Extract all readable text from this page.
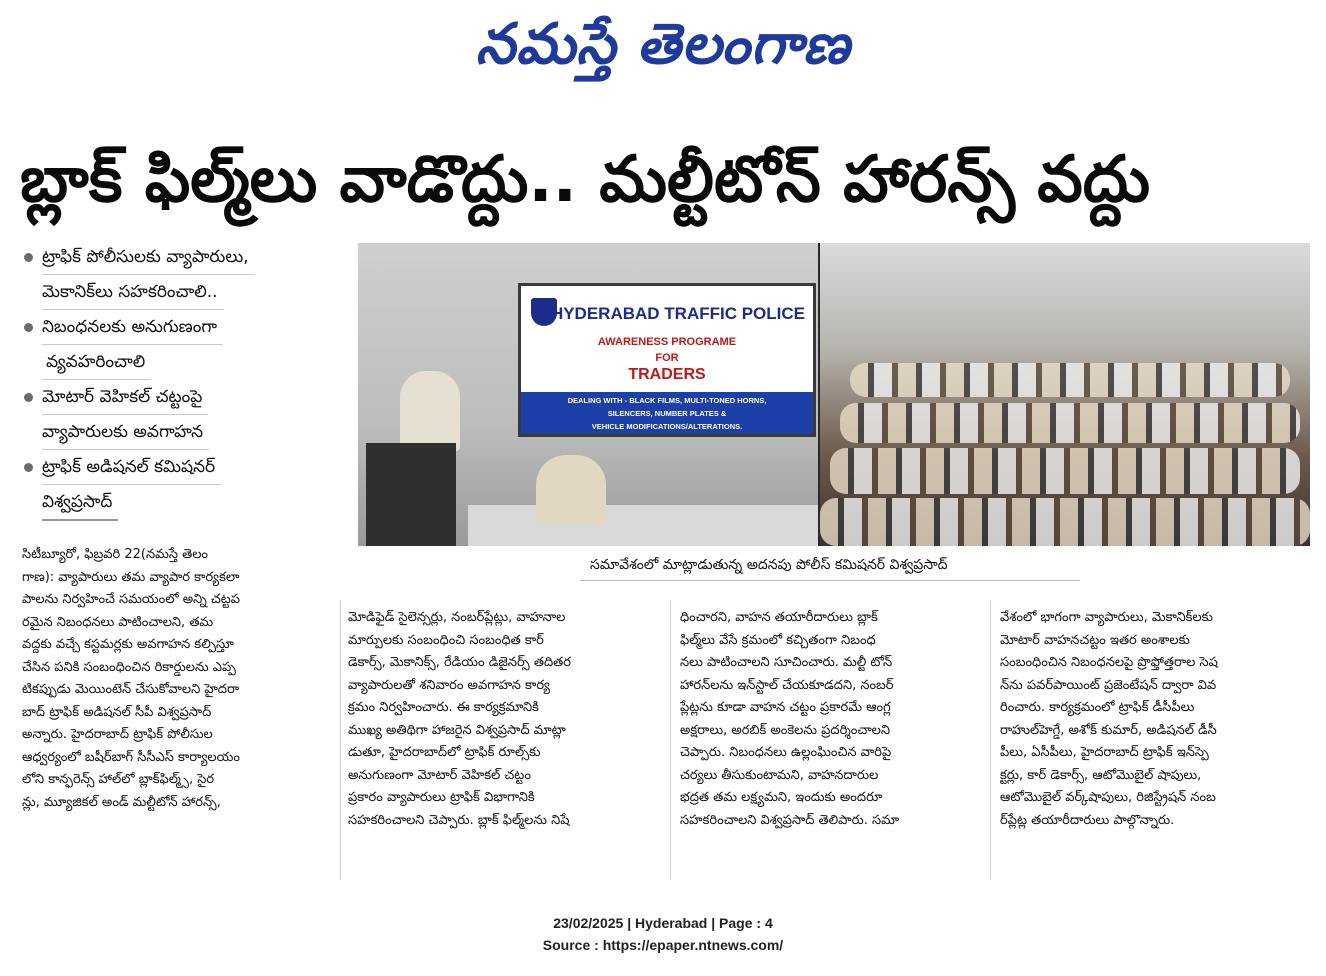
నమస్తే తెలంగాణ
బ్లాక్ ఫిల్మ్‌లు వాడొద్దు.. మల్టీటోన్ హారన్స్ వద్దు
ట్రాఫిక్ పోలీసులకు వ్యాపారులు,
మెకానిక్‌లు సహకరించాలి..
నిబంధనలకు అనుగుణంగా
వ్యవహరించాలి
మోటార్ వెహికల్ చట్టంపై
వ్యాపారులకు అవగాహన
ట్రాఫిక్ అడిషనల్ కమిషనర్
విశ్వప్రసాద్
HYDERABAD TRAFFIC POLICE
AWARENESS PROGRAME
FOR
TRADERS
DEALING WITH - BLACK FILMS, MULTI-TONED HORNS,
SILENCERS, NUMBER PLATES &
VEHICLE MODIFICATIONS/ALTERATIONS.
సమావేశంలో మాట్లాడుతున్న అదనపు పోలీస్ కమిషనర్ విశ్వప్రసాద్
సిటీబ్యూరో, ఫిబ్రవరి 22(నమస్తే తెలం
గాణ): వ్యాపారులు తమ వ్యాపార కార్యకలా
పాలను నిర్వహించే సమయంలో అన్ని చట్టప
రమైన నిబంధనలు పాటించాలని, తమ
వద్దకు వచ్చే కస్టమర్లకు అవగాహన కల్పిస్తూ
చేసిన పనికి సంబంధించిన రికార్డులను ఎప్ప
టికప్పుడు మెయింటెన్ చేసుకోవాలని హైదరా
బాద్ ట్రాఫిక్ అడిషనల్ సీపీ విశ్వప్రసాద్
అన్నారు. హైదరాబాద్ ట్రాఫిక్ పోలీసుల
ఆధ్వర్యంలో బషీర్‌బాగ్ సీసీఎస్ కార్యాలయం
లోని కాన్ఫరెన్స్ హాల్‌లో బ్లాక్‌ఫిల్మ్స్, సైర
న్లు, మ్యూజికల్ అండ్ మల్టీటోన్ హారన్స్,
మోడిఫైడ్ సైలెన్సర్లు, నంబర్‌ప్లేట్లు, వాహనాల
మార్పులకు సంబంధించి సంబంధిత కార్
డెకార్స్, మెకానిక్స్, రేడియం డిజైనర్స్ తదితర
వ్యాపారులతో శనివారం అవగాహన కార్య
క్రమం నిర్వహించారు. ఈ కార్యక్రమానికి
ముఖ్య అతిథిగా హాజరైన విశ్వప్రసాద్ మాట్లా
డుతూ, హైదరాబాద్‌లో ట్రాఫిక్ రూల్స్‌కు
అనుగుణంగా మోటార్ వెహికల్ చట్టం
ప్రకారం వ్యాపారులు ట్రాఫిక్ విభాగానికి
సహకరించాలని చెప్పారు. బ్లాక్ ఫిల్మ్‌లను నిషే
ధించారని, వాహన తయారీదారులు బ్లాక్
ఫిల్మ్‌లు వేసే క్రమంలో కచ్చితంగా నిబంధ
నలు పాటించాలని సూచించారు. మల్టీ టోన్
హారన్‌లను ఇన్‌స్టాల్ చేయకూడదని, నంబర్
ప్లేట్లను కూడా వాహన చట్టం ప్రకారమే ఆంగ్ల
అక్షరాలు, అరబిక్ అంకెలను ప్రదర్శించాలని
చెప్పారు. నిబంధనలు ఉల్లంఘించిన వారిపై
చర్యలు తీసుకుంటామని, వాహనదారుల
భద్రత తమ లక్ష్యమని, ఇందుకు అందరూ
సహకరించాలని విశ్వప్రసాద్ తెలిపారు. సమా
వేశంలో భాగంగా వ్యాపారులు, మెకానిక్‌లకు
మోటార్ వాహనచట్టం ఇతర అంశాలకు
సంబంధించిన నిబంధనలపై ప్రొఫ్తోత్తరాల సెష
న్‌ను పవర్‌పాయింట్ ప్రజెంటేషన్ ద్వారా వివ
రించారు. కార్యక్రమంలో ట్రాఫిక్ డీసీపీలు
రాహుల్‌హెగ్డే, అశోక్ కుమార్, అడిషనల్ డీసీ
పీలు, ఏసీపీలు, హైదరాబాద్ ట్రాఫిక్ ఇన్‌స్పె
క్టర్లు, కార్ డెకార్స్, ఆటోమొబైల్ షాపులు,
ఆటోమొబైల్ వర్క్‌షాపులు, రిజిస్ట్రేషన్ నంబ
ర్‌ప్లేట్ల తయారీదారులు పాల్గొన్నారు.
23/02/2025 | Hyderabad | Page : 4
Source : https://epaper.ntnews.com/
